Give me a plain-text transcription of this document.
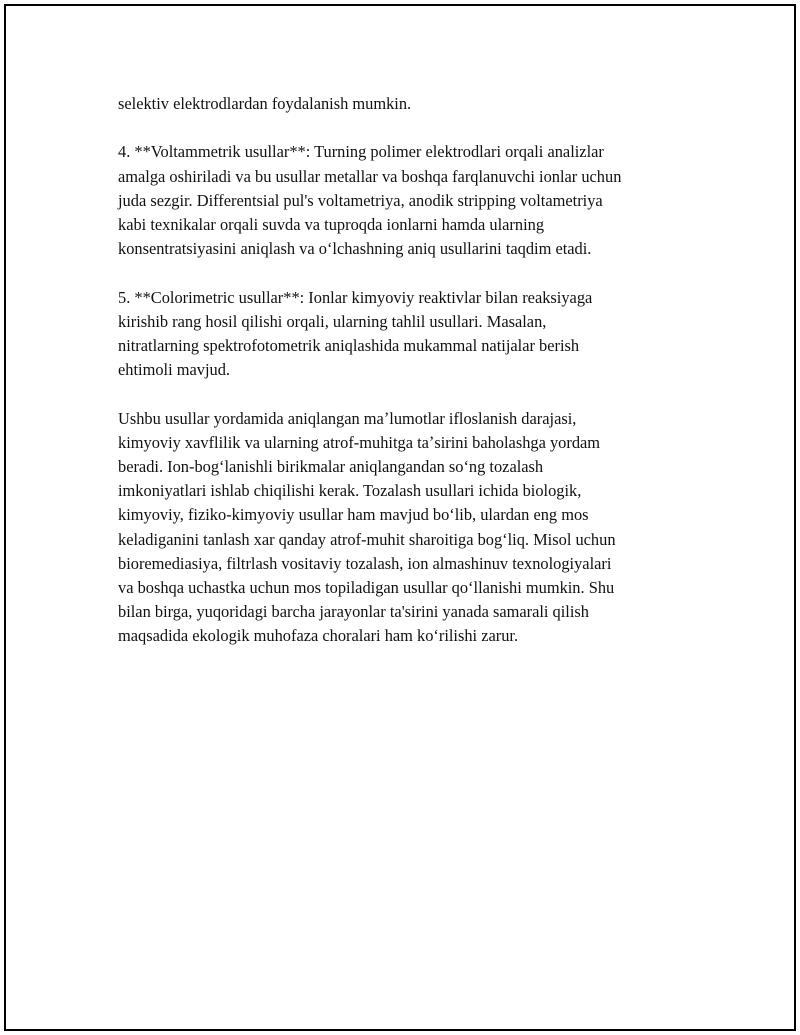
selektiv elektrodlardan foydalanish mumkin.

4. **Voltammetrik usullar**: Turning polimer elektrodlari orqali analizlar
amalga oshiriladi va bu usullar metallar va boshqa farqlanuvchi ionlar uchun
juda sezgir. Differentsial pul's voltametriya, anodik stripping voltametriya
kabi texnikalar orqali suvda va tuproqda ionlarni hamda ularning
konsentratsiyasini aniqlash va oʻlchashning aniq usullarini taqdim etadi.

5. **Colorimetric usullar**: Ionlar kimyoviy reaktivlar bilan reaksiyaga
kirishib rang hosil qilishi orqali, ularning tahlil usullari. Masalan,
nitratlarning spektrofotometrik aniqlashida mukammal natijalar berish
ehtimoli mavjud.

Ushbu usullar yordamida aniqlangan maʼlumotlar ifloslanish darajasi,
kimyoviy xavflilik va ularning atrof-muhitga taʼsirini baholashga yordam
beradi. Ion-bogʻlanishli birikmalar aniqlangandan soʻng tozalash
imkoniyatlari ishlab chiqilishi kerak. Tozalash usullari ichida biologik,
kimyoviy, fiziko-kimyoviy usullar ham mavjud boʻlib, ulardan eng mos
keladiganini tanlash xar qanday atrof-muhit sharoitiga bogʻliq. Misol uchun
bioremediasiya, filtrlash vositaviy tozalash, ion almashinuv texnologiyalari
va boshqa uchastka uchun mos topiladigan usullar qoʻllanishi mumkin. Shu
bilan birga, yuqoridagi barcha jarayonlar ta'sirini yanada samarali qilish
maqsadida ekologik muhofaza choralari ham koʻrilishi zarur.
